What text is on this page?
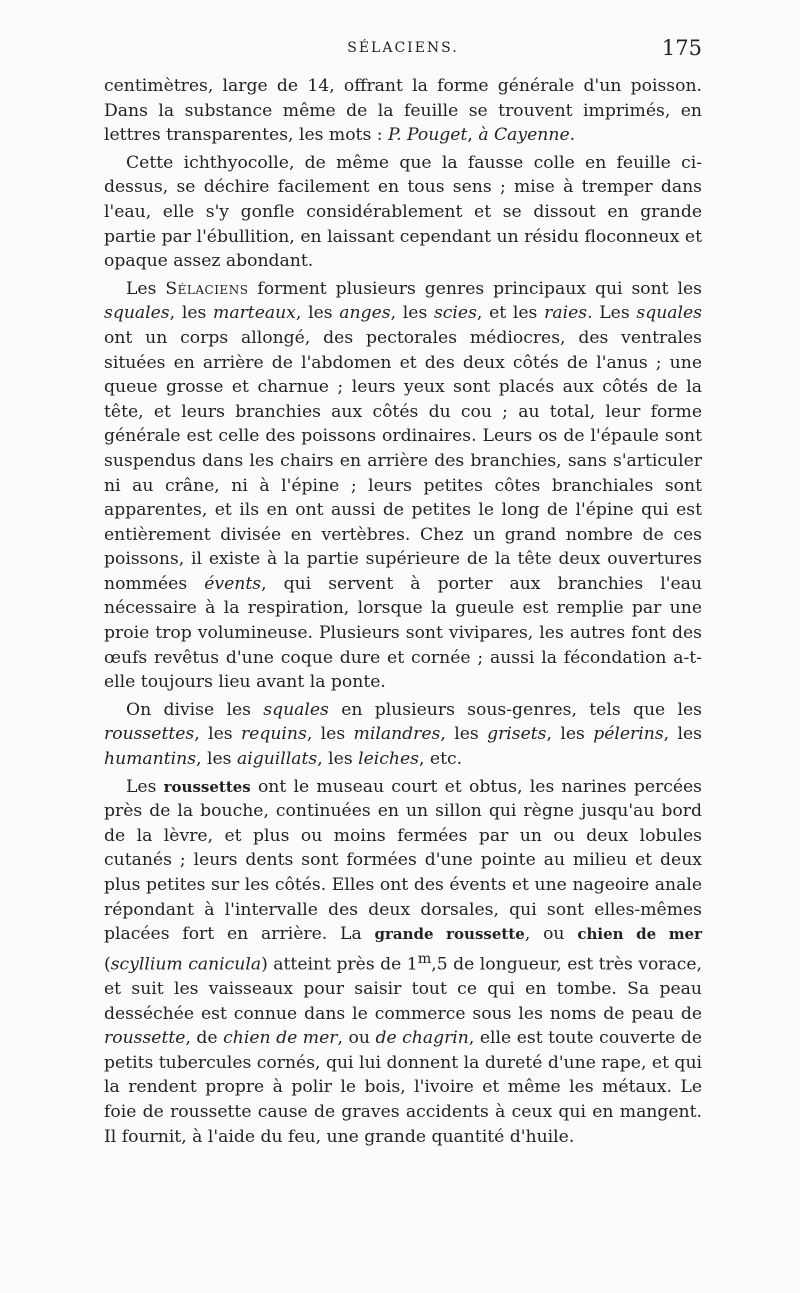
SÉLACIENS.	175

centimètres, large de 14, offrant la forme générale d'un poisson. Dans la substance même de la feuille se trouvent imprimés, en lettres transparentes, les mots : P. Pouget, à Cayenne.

Cette ichthyocolle, de même que la fausse colle en feuille ci-dessus, se déchire facilement en tous sens ; mise à tremper dans l'eau, elle s'y gonfle considérablement et se dissout en grande partie par l'ébullition, en laissant cependant un résidu floconneux et opaque assez abondant.

Les Sélaciens forment plusieurs genres principaux qui sont les squales, les marteaux, les anges, les scies, et les raies. Les squales ont un corps allongé, des pectorales médiocres, des ventrales situées en arrière de l'abdomen et des deux côtés de l'anus ; une queue grosse et charnue ; leurs yeux sont placés aux côtés de la tête, et leurs branchies aux côtés du cou ; au total, leur forme générale est celle des poissons ordinaires. Leurs os de l'épaule sont suspendus dans les chairs en arrière des branchies, sans s'articuler ni au crâne, ni à l'épine ; leurs petites côtes branchiales sont apparentes, et ils en ont aussi de petites le long de l'épine qui est entièrement divisée en vertèbres. Chez un grand nombre de ces poissons, il existe à la partie supérieure de la tête deux ouvertures nommées évents, qui servent à porter aux branchies l'eau nécessaire à la respiration, lorsque la gueule est remplie par une proie trop volumineuse. Plusieurs sont vivipares, les autres font des œufs revêtus d'une coque dure et cornée ; aussi la fécondation a-t-elle toujours lieu avant la ponte.

On divise les squales en plusieurs sous-genres, tels que les roussettes, les requins, les milandres, les grisets, les pélerins, les humantins, les aiguillats, les leiches, etc.

Les roussettes ont le museau court et obtus, les narines percées près de la bouche, continuées en un sillon qui règne jusqu'au bord de la lèvre, et plus ou moins fermées par un ou deux lobules cutanés ; leurs dents sont formées d'une pointe au milieu et deux plus petites sur les côtés. Elles ont des évents et une nageoire anale répondant à l'intervalle des deux dorsales, qui sont elles-mêmes placées fort en arrière. La grande roussette, ou chien de mer (scyllium canicula) atteint près de 1$^m$,5 de longueur, est très vorace, et suit les vaisseaux pour saisir tout ce qui en tombe. Sa peau desséchée est connue dans le commerce sous les noms de peau de roussette, de chien de mer, ou de chagrin, elle est toute couverte de petits tubercules cornés, qui lui donnent la dureté d'une rape, et qui la rendent propre à polir le bois, l'ivoire et même les métaux. Le foie de roussette cause de graves accidents à ceux qui en mangent. Il fournit, à l'aide du feu, une grande quantité d'huile.
